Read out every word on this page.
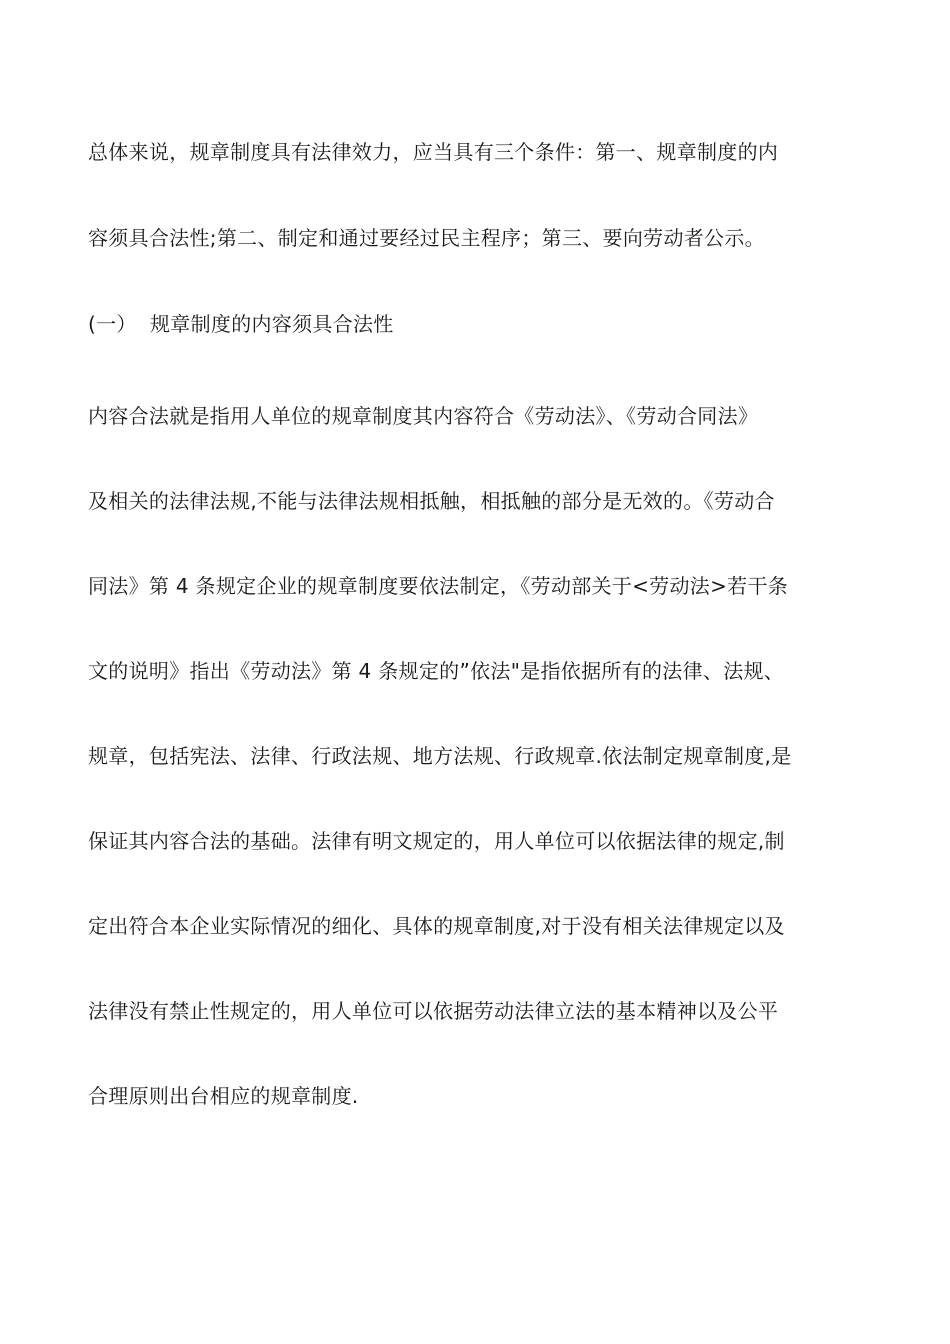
总体来说，规章制度具有法律效力，应当具有三个条件：第一、规章制度的内
容须具合法性;第二、制定和通过要经过民主程序；第三、要向劳动者公示。
(一） 规章制度的内容须具合法性
内容合法就是指用人单位的规章制度其内容符合《劳动法》、《劳动合同法》
及相关的法律法规,不能与法律法规相抵触，相抵触的部分是无效的。《劳动合
同法》第 4 条规定企业的规章制度要依法制定，《劳动部关于<劳动法>若干条
文的说明》指出《劳动法》第 4 条规定的”依法"是指依据所有的法律、法规、
规章，包括宪法、法律、行政法规、地方法规、行政规章.依法制定规章制度,是
保证其内容合法的基础。法律有明文规定的，用人单位可以依据法律的规定,制
定出符合本企业实际情况的细化、具体的规章制度,对于没有相关法律规定以及
法律没有禁止性规定的，用人单位可以依据劳动法律立法的基本精神以及公平
合理原则出台相应的规章制度.
